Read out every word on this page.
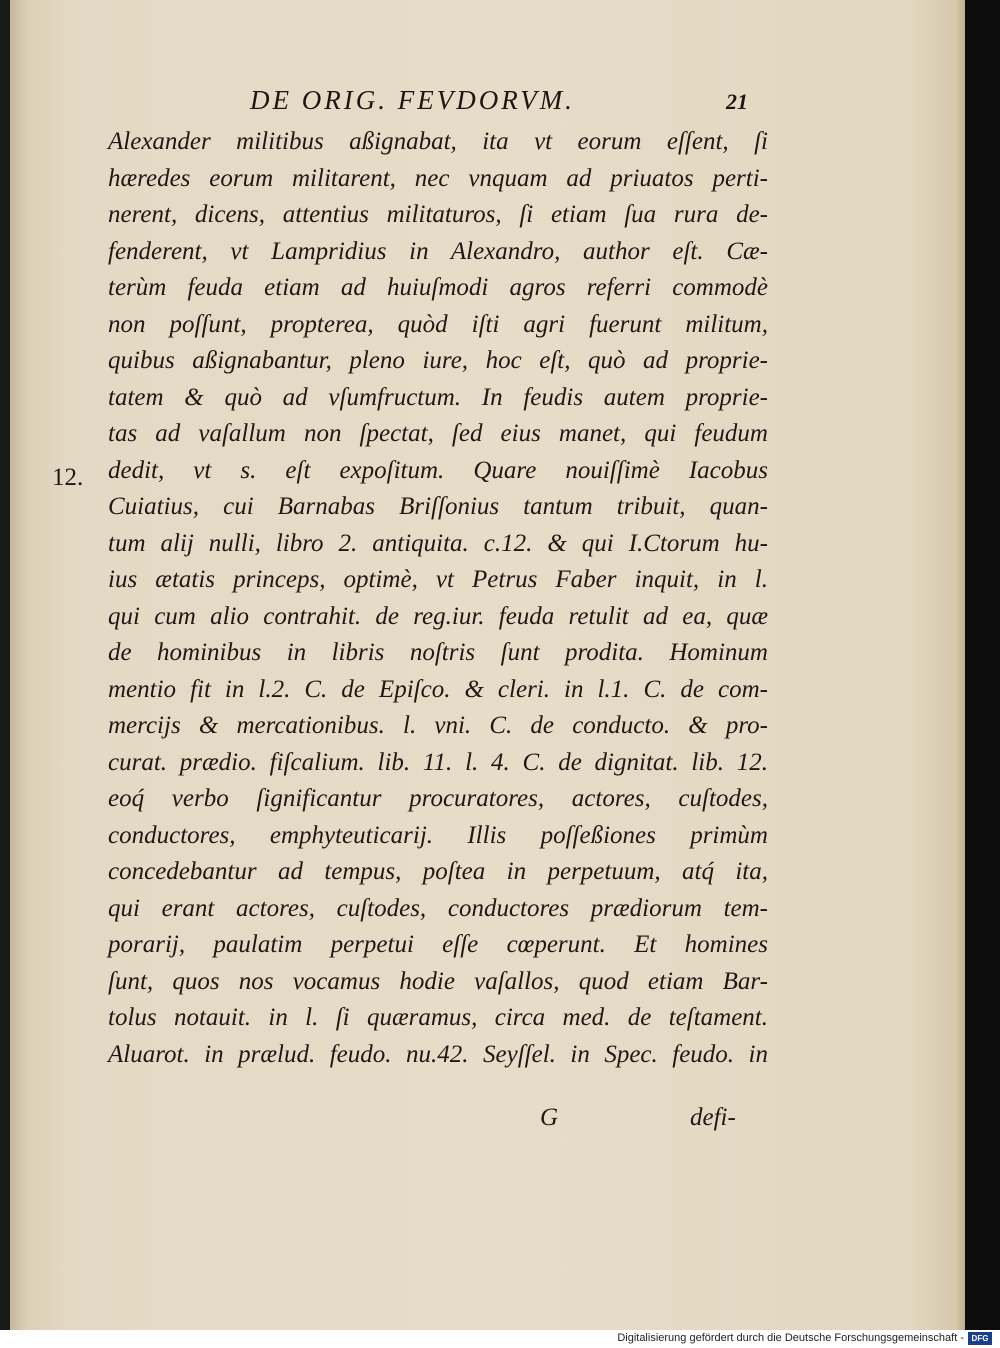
DE ORIG. FEVDORVM.	21
12.
Alexander militibus aßignabat, ita vt eorum eſſent, ſi
hæredes eorum militarent, nec vnquam ad priuatos perti-
nerent, dicens, attentius militaturos, ſi etiam ſua rura de-
fenderent, vt Lampridius in Alexandro, author eſt. Cæ-
terùm feuda etiam ad huiuſmodi agros referri commodè
non poſſunt, propterea, quòd iſti agri fuerunt militum,
quibus aßignabantur, pleno iure, hoc eſt, quò ad proprie-
tatem & quò ad vſumfructum. In feudis autem proprie-
tas ad vaſallum non ſpectat, ſed eius manet, qui feudum
dedit, vt s. eſt expoſitum. Quare nouiſſimè Iacobus
Cuiatius, cui Barnabas Briſſonius tantum tribuit, quan-
tum alij nulli, libro 2. antiquita. c.12. & qui I.Ctorum hu-
ius ætatis princeps, optimè, vt Petrus Faber inquit, in l.
qui cum alio contrahit. de reg.iur. feuda retulit ad ea, quæ
de hominibus in libris noſtris ſunt prodita. Hominum
mentio fit in l.2. C. de Epiſco. & cleri. in l.1. C. de com-
mercijs & mercationibus. l. vni. C. de conducto. & pro-
curat. prædio. fiſcalium. lib. 11. l. 4. C. de dignitat. lib. 12.
eoq́ verbo ſignificantur procuratores, actores, cuſtodes,
conductores, emphyteuticarij. Illis poſſeßiones primùm
concedebantur ad tempus, poſtea in perpetuum, atq́ ita,
qui erant actores, cuſtodes, conductores prædiorum tem-
porarij, paulatim perpetui eſſe cœperunt. Et homines
ſunt, quos nos vocamus hodie vaſallos, quod etiam Bar-
tolus notauit. in l. ſi quæramus, circa med. de teſtament.
Aluarot. in prælud. feudo. nu.42. Seyſſel. in Spec. feudo. in
G	defi-
Digitalisierung gefördert durch die Deutsche Forschungsgemeinschaft - DFG
